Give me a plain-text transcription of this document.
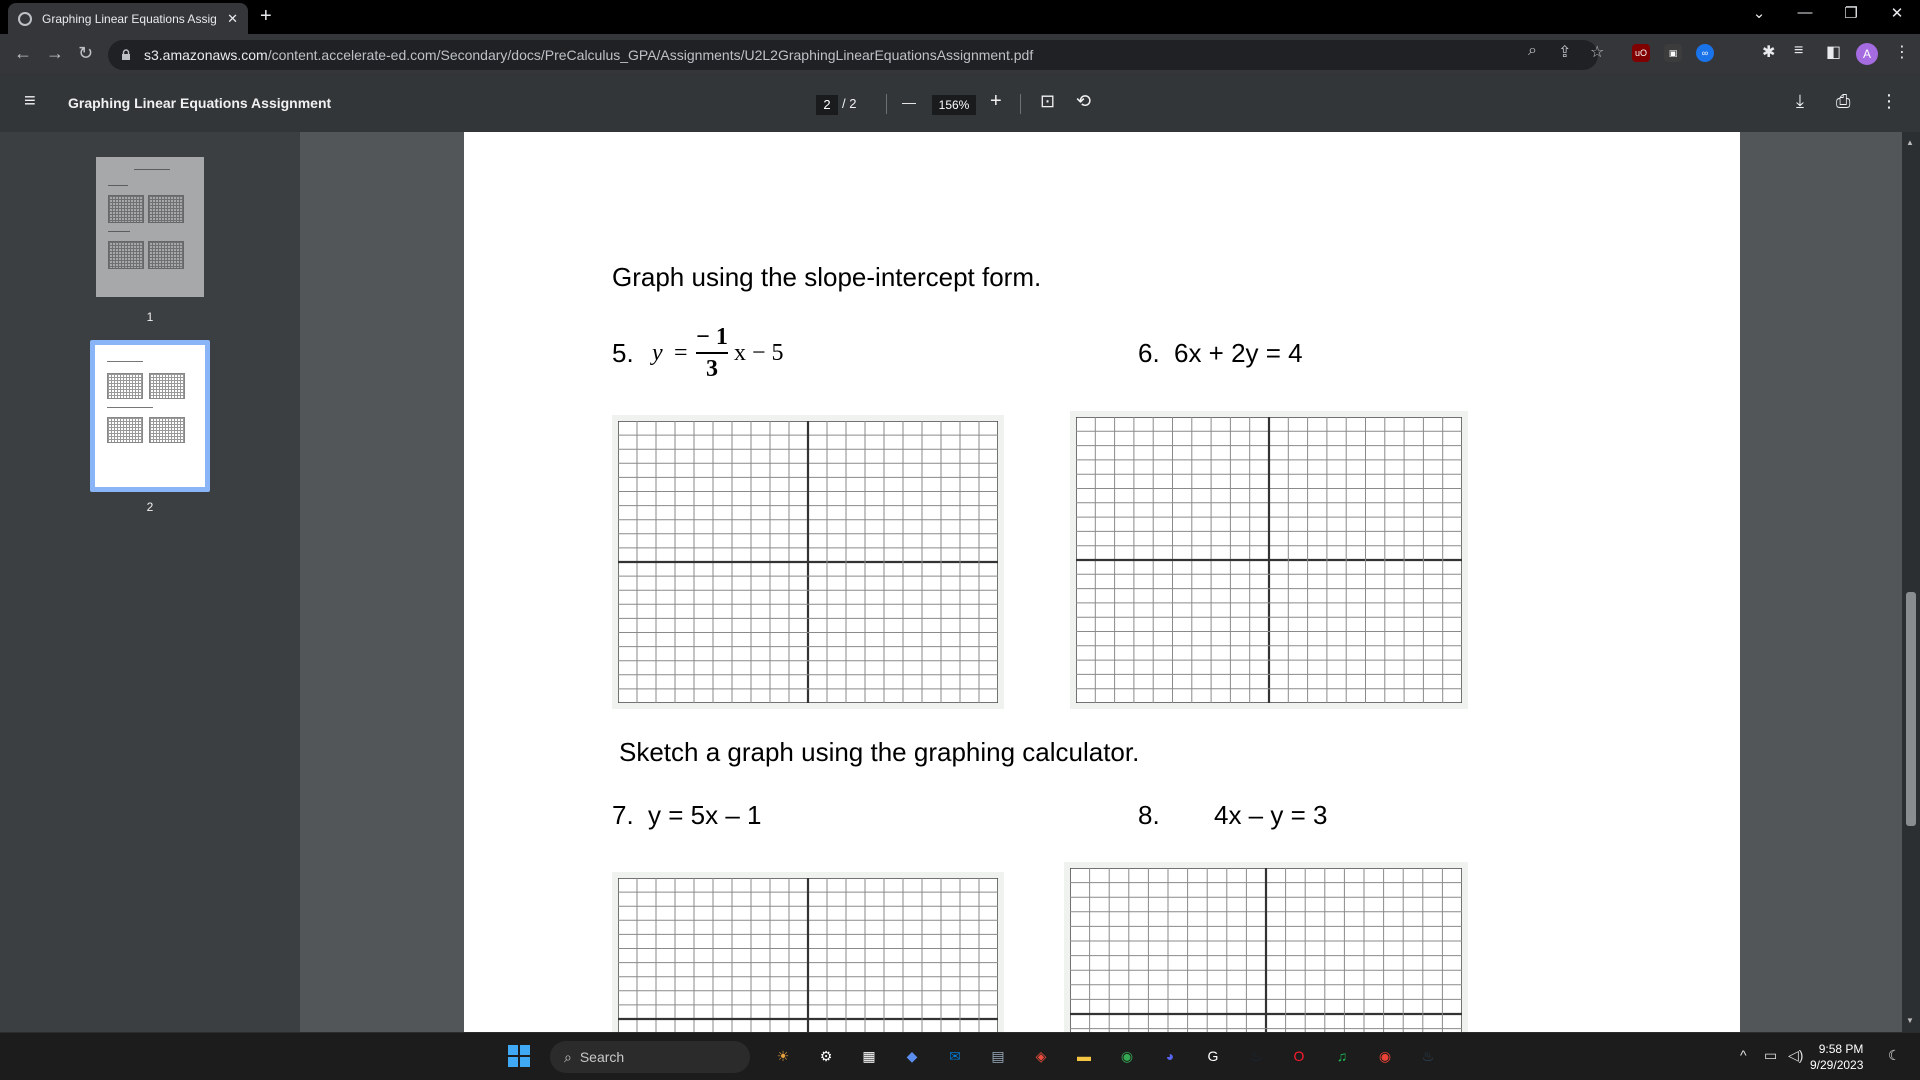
Graphing Linear Equations Assig ✕ +	⌄	—	❐	✕
← → ↻	s3.amazonaws.com /content.accelerate-ed.com/Secondary/docs/PreCalculus_GPA/Assignments/U2L2GraphingLinearEquationsAssignment.pdf	⌕ ⇪ ☆	uO	▣	∞	✱ ≡ ◧	A	⋮
≡ Graphing Linear Equations Assignment	2 / 2	—	156%	+ ⊡ ⟲	⤓ ⎙ ⋮
1
2
Graph using the slope-intercept form.
5. y =
− 1
3
x − 5	6. 6x + 2y = 4
Sketch a graph using the graphing calculator.
7. y = 5x – 1	8. 4x – y = 3
▲
▼
⌕ Search	☀	⚙	▦	◆	✉	▤	◈	▬	◉	◕	G	♨	O	♫	◉	♨	^ ▭ ◁)	9:58 PM
9/29/2023
☾
